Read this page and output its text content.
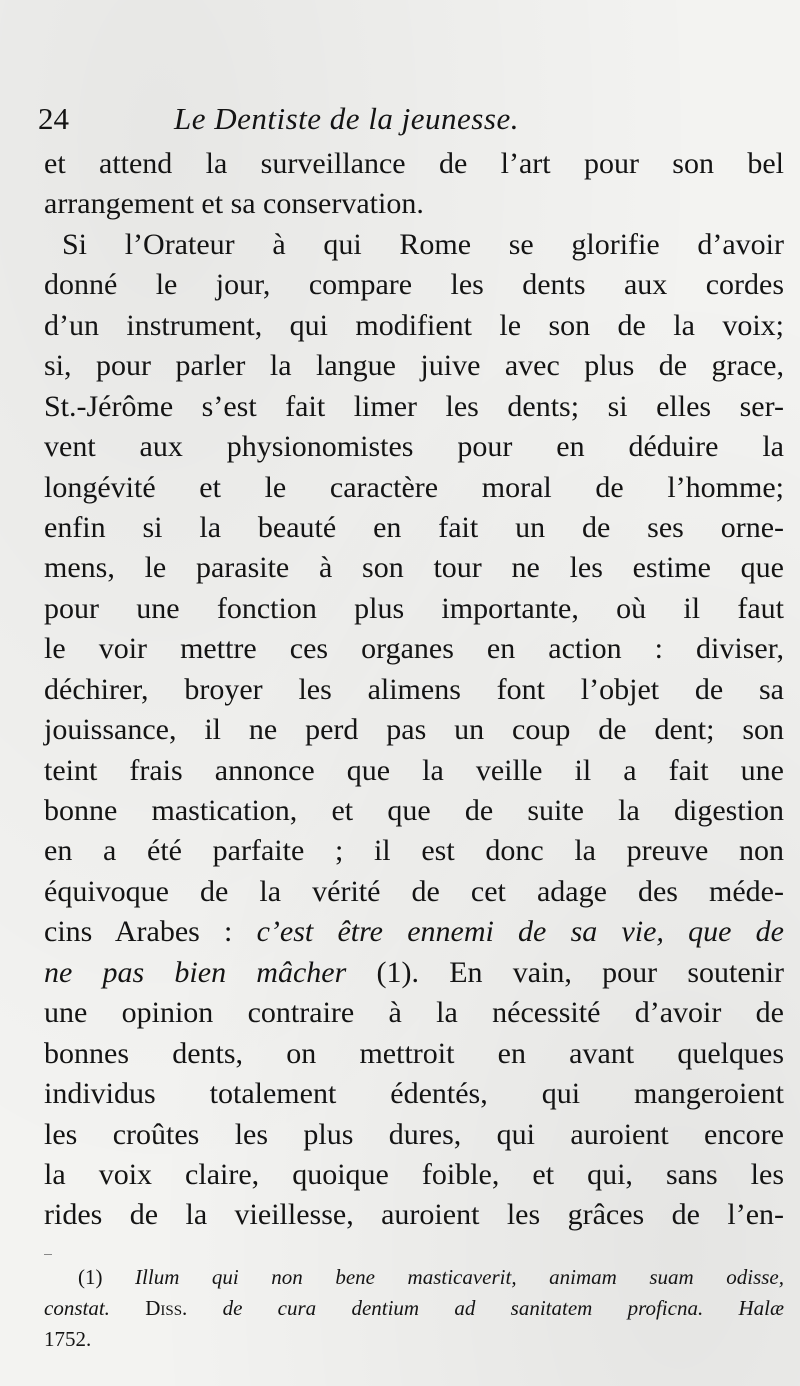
24	Le Dentiste de la jeunesse.
et attend la surveillance de l’art pour son bel
arrangement et sa conservation.
Si l’Orateur à qui Rome se glorifie d’avoir
donné le jour, compare les dents aux cordes
d’un instrument, qui modifient le son de la voix;
si, pour parler la langue juive avec plus de grace,
St.-Jérôme s’est fait limer les dents; si elles ser-
vent aux physionomistes pour en déduire la
longévité et le caractère moral de l’homme;
enfin si la beauté en fait un de ses orne-
mens, le parasite à son tour ne les estime que
pour une fonction plus importante, où il faut
le voir mettre ces organes en action : diviser,
déchirer, broyer les alimens font l’objet de sa
jouissance, il ne perd pas un coup de dent; son
teint frais annonce que la veille il a fait une
bonne mastication, et que de suite la digestion
en a été parfaite ; il est donc la preuve non
équivoque de la vérité de cet adage des méde-
cins Arabes : c’est être ennemi de sa vie, que de
ne pas bien mâcher (1). En vain, pour soutenir
une opinion contraire à la nécessité d’avoir de
bonnes dents, on mettroit en avant quelques
individus totalement édentés, qui mangeroient
les croûtes les plus dures, qui auroient encore
la voix claire, quoique foible, et qui, sans les
rides de la vieillesse, auroient les grâces de l’en-
(1) Illum qui non bene masticaverit, animam suam odisse,
constat. Diss. de cura dentium ad sanitatem proficna. Halæ
1752.
